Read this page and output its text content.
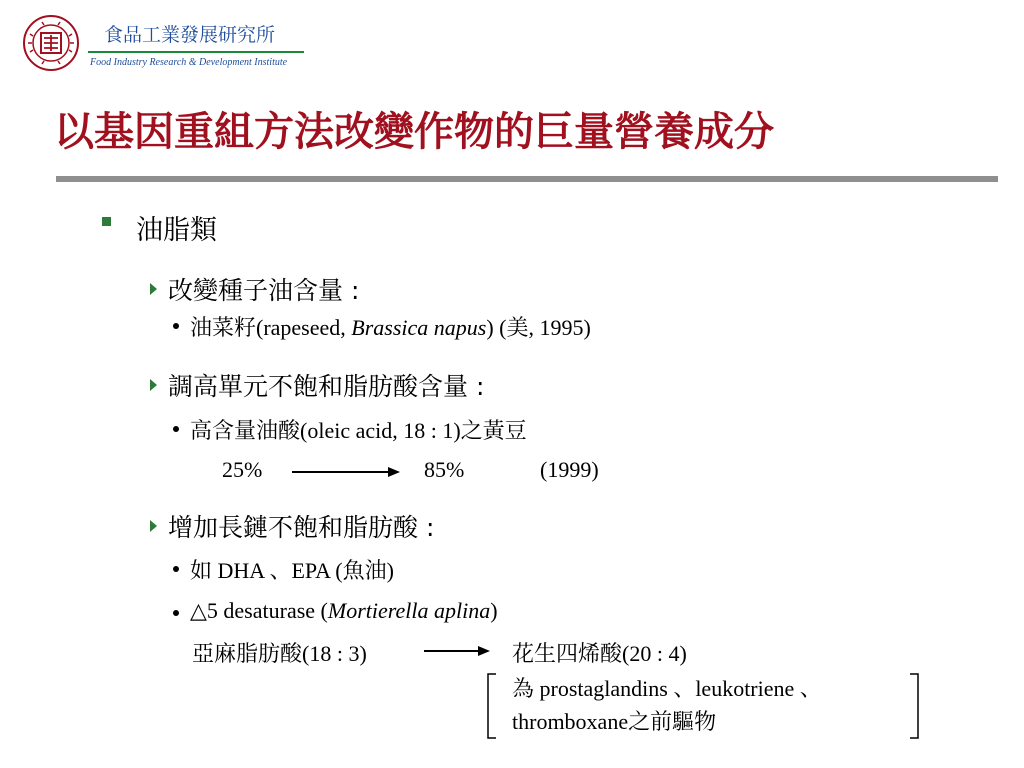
食品工業發展研究所
Food Industry Research & Development Institute
以基因重組方法改變作物的巨量營養成分
油脂類
改變種子油含量 :
油菜籽(rapeseed, Brassica napus) (美, 1995)
調高單元不飽和脂肪酸含量 :
高含量油酸(oleic acid, 18 : 1)之黃豆
25%	85%	(1999)
增加長鏈不飽和脂肪酸 :
如 DHA 、EPA (魚油)
△5 desaturase (Mortierella aplina)
亞麻脂肪酸(18 : 3)	花生四烯酸(20 : 4)
為 prostaglandins 、leukotriene 、
thromboxane之前驅物
